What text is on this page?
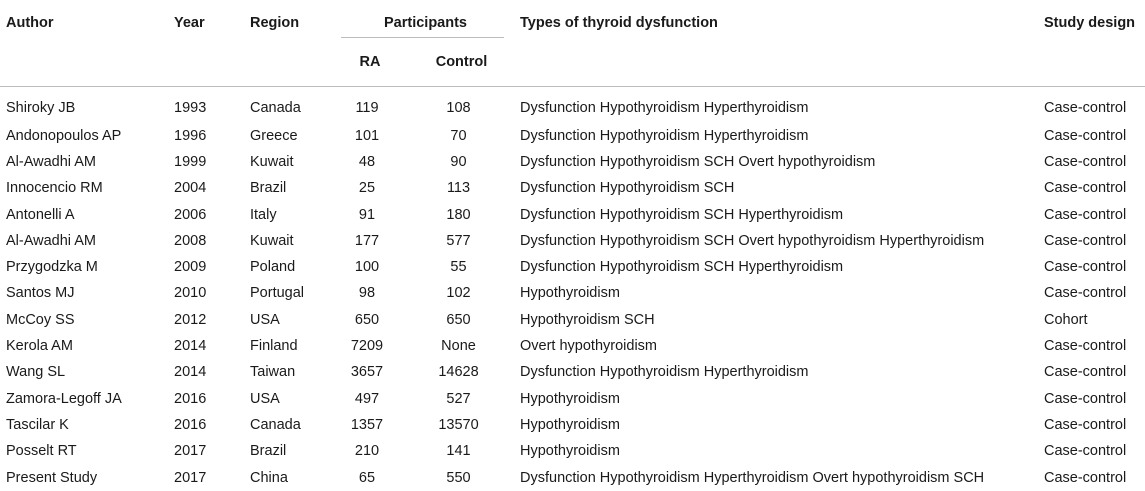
Author	Year	Region	Participants		Types of thyroid dysfunction	Study design
			RA	Control		
Shiroky JB	1993	Canada	119	108	Dysfunction Hypothyroidism Hyperthyroidism	Case-control
Andonopoulos AP	1996	Greece	101	70	Dysfunction Hypothyroidism Hyperthyroidism	Case-control
Al-Awadhi AM	1999	Kuwait	48	90	Dysfunction Hypothyroidism SCH Overt hypothyroidism	Case-control
Innocencio RM	2004	Brazil	25	113	Dysfunction Hypothyroidism SCH	Case-control
Antonelli A	2006	Italy	91	180	Dysfunction Hypothyroidism SCH Hyperthyroidism	Case-control
Al-Awadhi AM	2008	Kuwait	177	577	Dysfunction Hypothyroidism SCH Overt hypothyroidism Hyperthyroidism	Case-control
Przygodzka M	2009	Poland	100	55	Dysfunction Hypothyroidism SCH Hyperthyroidism	Case-control
Santos MJ	2010	Portugal	98	102	Hypothyroidism	Case-control
McCoy SS	2012	USA	650	650	Hypothyroidism SCH	Cohort
Kerola AM	2014	Finland	7209	None	Overt hypothyroidism	Case-control
Wang SL	2014	Taiwan	3657	14628	Dysfunction Hypothyroidism Hyperthyroidism	Case-control
Zamora-Legoff JA	2016	USA	497	527	Hypothyroidism	Case-control
Tascilar K	2016	Canada	1357	13570	Hypothyroidism	Case-control
Posselt RT	2017	Brazil	210	141	Hypothyroidism	Case-control
Present Study	2017	China	65	550	Dysfunction Hypothyroidism Hyperthyroidism Overt hypothyroidism SCH	Case-control
